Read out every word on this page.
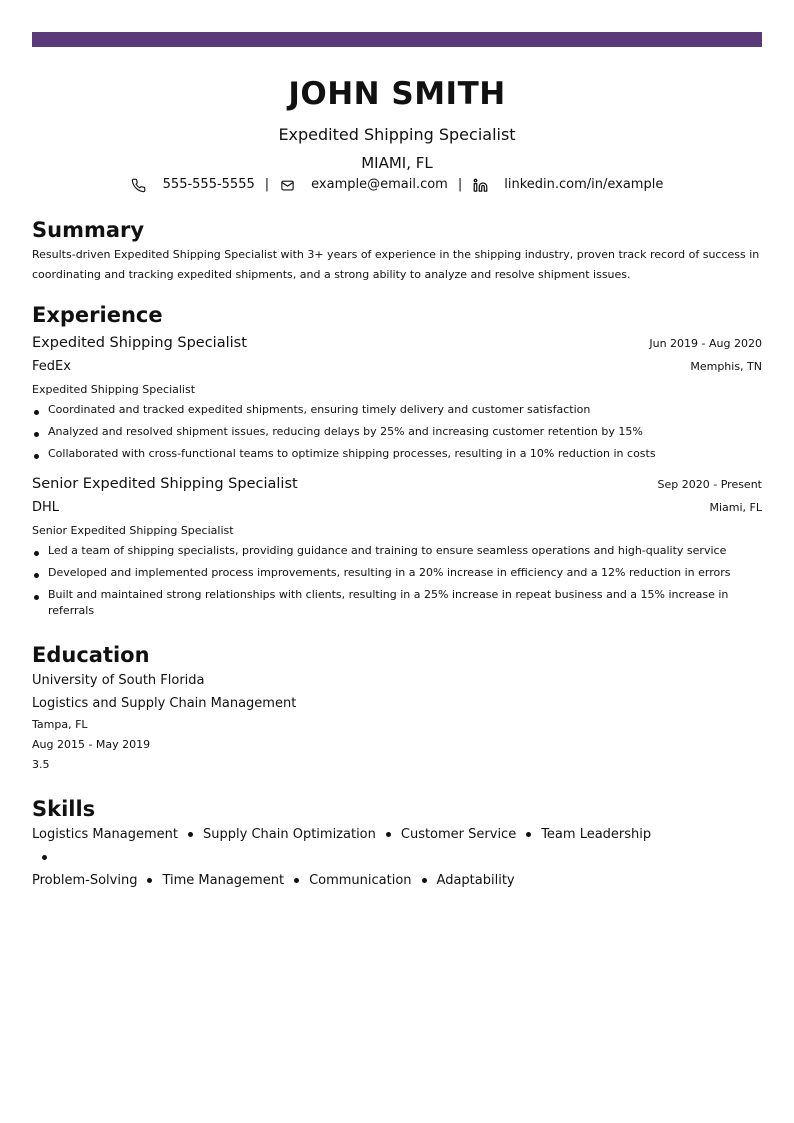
JOHN SMITH
Expedited Shipping Specialist
MIAMI, FL
555-555-5555 |	example@email.com |	linkedin.com/in/example
Summary
Results-driven Expedited Shipping Specialist with 3+ years of experience in the shipping industry, proven track record of success in coordinating and tracking expedited shipments, and a strong ability to analyze and resolve shipment issues.
Experience
Expedited Shipping Specialist	Jun 2019 - Aug 2020
FedEx	Memphis, TN
Expedited Shipping Specialist
Coordinated and tracked expedited shipments, ensuring timely delivery and customer satisfaction
Analyzed and resolved shipment issues, reducing delays by 25% and increasing customer retention by 15%
Collaborated with cross-functional teams to optimize shipping processes, resulting in a 10% reduction in costs
Senior Expedited Shipping Specialist	Sep 2020 - Present
DHL	Miami, FL
Senior Expedited Shipping Specialist
Led a team of shipping specialists, providing guidance and training to ensure seamless operations and high-quality service
Developed and implemented process improvements, resulting in a 20% increase in efficiency and a 12% reduction in errors
Built and maintained strong relationships with clients, resulting in a 25% increase in repeat business and a 15% increase in referrals
Education
University of South Florida
Logistics and Supply Chain Management
Tampa, FL
Aug 2015 - May 2019
3.5
Skills
Logistics Management Supply Chain Optimization Customer Service Team Leadership
Problem-Solving Time Management Communication Adaptability
